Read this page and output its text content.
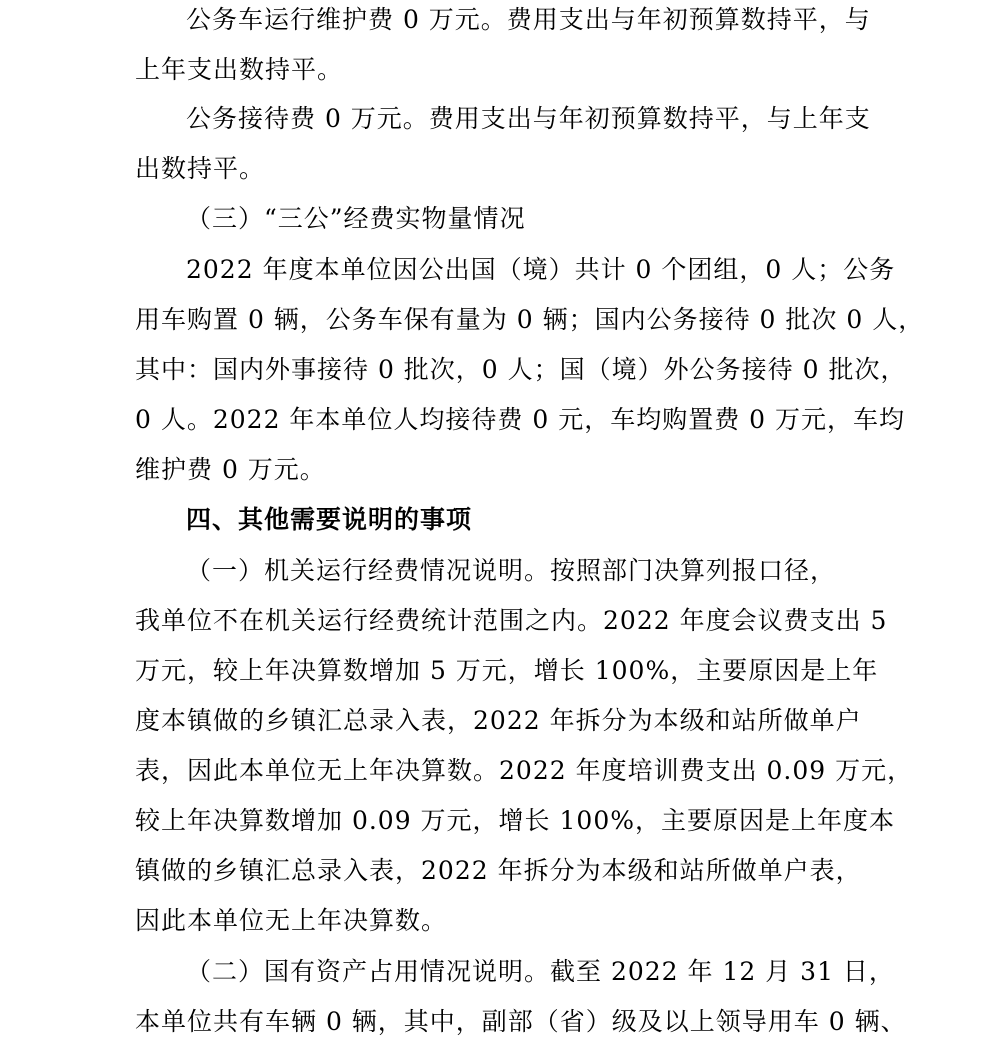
公务车运行维护费 0 万元。费用支出与年初预算数持平，与
上年支出数持平。
公务接待费 0 万元。费用支出与年初预算数持平，与上年支
出数持平。
（三）“三公”经费实物量情况
2022 年度本单位因公出国（境）共计 0 个团组，0 人；公务
用车购置 0 辆，公务车保有量为 0 辆；国内公务接待 0 批次 0 人，
其中：国内外事接待 0 批次，0 人；国（境）外公务接待 0 批次，
0 人。2022 年本单位人均接待费 0 元，车均购置费 0 万元，车均
维护费 0 万元。
四、其他需要说明的事项
（一）机关运行经费情况说明。按照部门决算列报口径，
我单位不在机关运行经费统计范围之内。2022 年度会议费支出 5
万元，较上年决算数增加 5 万元，增长 100%，主要原因是上年
度本镇做的乡镇汇总录入表，2022 年拆分为本级和站所做单户
表，因此本单位无上年决算数。2022 年度培训费支出 0.09 万元，
较上年决算数增加 0.09 万元，增长 100%，主要原因是上年度本
镇做的乡镇汇总录入表，2022 年拆分为本级和站所做单户表，
因此本单位无上年决算数。
（二）国有资产占用情况说明。截至 2022 年 12 月 31 日，
本单位共有车辆 0 辆，其中，副部（省）级及以上领导用车 0 辆、
